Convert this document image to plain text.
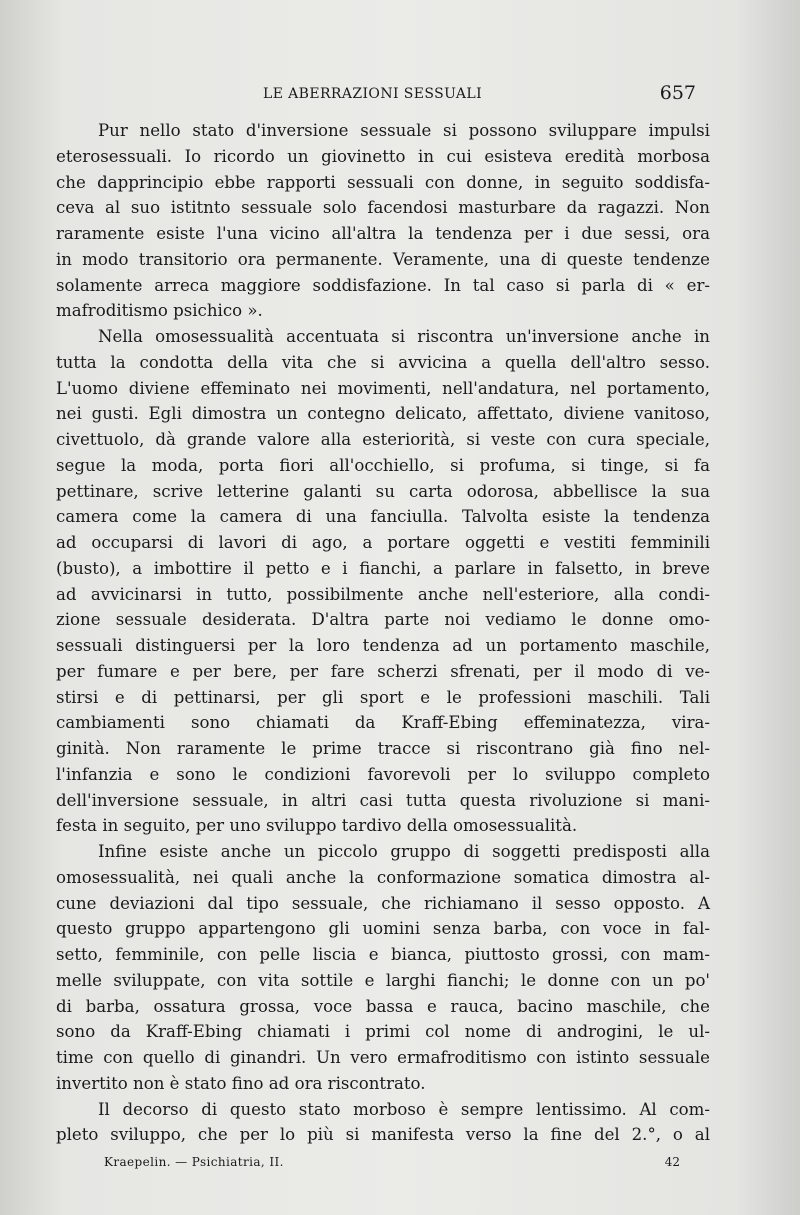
LE ABERRAZIONI SESSUALI	657
Pur nello stato d'inversione sessuale si possono sviluppare impulsi
eterosessuali. Io ricordo un giovinetto in cui esisteva eredità morbosa
che dapprincipio ebbe rapporti sessuali con donne, in seguito soddisfa-
ceva al suo istitnto sessuale solo facendosi masturbare da ragazzi. Non
raramente esiste l'una vicino all'altra la tendenza per i due sessi, ora
in modo transitorio ora permanente. Veramente, una di queste tendenze
solamente arreca maggiore soddisfazione. In tal caso si parla di « er-
mafroditismo psichico ».
Nella omosessualità accentuata si riscontra un'inversione anche in
tutta la condotta della vita che si avvicina a quella dell'altro sesso.
L'uomo diviene effeminato nei movimenti, nell'andatura, nel portamento,
nei gusti. Egli dimostra un contegno delicato, affettato, diviene vanitoso,
civettuolo, dà grande valore alla esteriorità, si veste con cura speciale,
segue la moda, porta fiori all'occhiello, si profuma, si tinge, si fa
pettinare, scrive letterine galanti su carta odorosa, abbellisce la sua
camera come la camera di una fanciulla. Talvolta esiste la tendenza
ad occuparsi di lavori di ago, a portare oggetti e vestiti femminili
(busto), a imbottire il petto e i fianchi, a parlare in falsetto, in breve
ad avvicinarsi in tutto, possibilmente anche nell'esteriore, alla condi-
zione sessuale desiderata. D'altra parte noi vediamo le donne omo-
sessuali distinguersi per la loro tendenza ad un portamento maschile,
per fumare e per bere, per fare scherzi sfrenati, per il modo di ve-
stirsi e di pettinarsi, per gli sport e le professioni maschili. Tali
cambiamenti sono chiamati da Kraff-Ebing effeminatezza, vira-
ginità. Non raramente le prime tracce si riscontrano già fino nel-
l'infanzia e sono le condizioni favorevoli per lo sviluppo completo
dell'inversione sessuale, in altri casi tutta questa rivoluzione si mani-
festa in seguito, per uno sviluppo tardivo della omosessualità.
Infine esiste anche un piccolo gruppo di soggetti predisposti alla
omosessualità, nei quali anche la conformazione somatica dimostra al-
cune deviazioni dal tipo sessuale, che richiamano il sesso opposto. A
questo gruppo appartengono gli uomini senza barba, con voce in fal-
setto, femminile, con pelle liscia e bianca, piuttosto grossi, con mam-
melle sviluppate, con vita sottile e larghi fianchi; le donne con un po'
di barba, ossatura grossa, voce bassa e rauca, bacino maschile, che
sono da Kraff-Ebing chiamati i primi col nome di androgini, le ul-
time con quello di ginandri. Un vero ermafroditismo con istinto sessuale
invertito non è stato fino ad ora riscontrato.
Il decorso di questo stato morboso è sempre lentissimo. Al com-
pleto sviluppo, che per lo più si manifesta verso la fine del 2.°, o al
Kraepelin. — Psichiatria, II.	42
